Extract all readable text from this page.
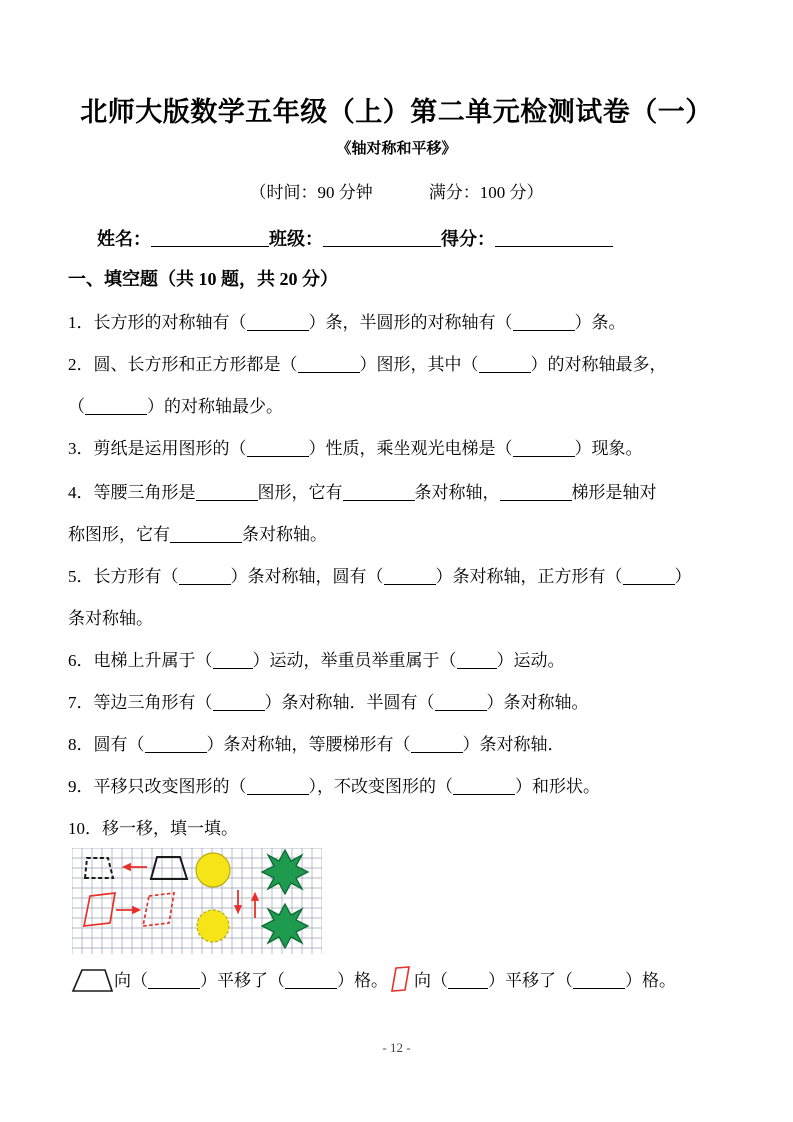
北师大版数学五年级（上）第二单元检测试卷（一）
《轴对称和平移》
（时间：90 分钟	满分：100 分）
姓名：	班级：	得分：
一、填空题（共 10 题，共 20 分）
1．长方形的对称轴有（	）条，半圆形的对称轴有（	）条。
2．圆、长方形和正方形都是（	）图形，其中（	）的对称轴最多，
（	）的对称轴最少。
3．剪纸是运用图形的（	）性质，乘坐观光电梯是（	）现象。
4．等腰三角形是	图形，它有	条对称轴，	梯形是轴对
称图形，它有	条对称轴。
5．长方形有（	）条对称轴，圆有（	）条对称轴，正方形有（	）
条对称轴。
6．电梯上升属于（ ）运动，举重员举重属于（ ）运动。
7．等边三角形有（	）条对称轴．半圆有（	）条对称轴。
8．圆有（	）条对称轴，等腰梯形有（	）条对称轴．
9．平移只改变图形的（	），不改变图形的（	）和形状。
10．移一移，填一填。
向（	）平移了（	）格。 向（ ）平移了（	）格。
- 12 -
